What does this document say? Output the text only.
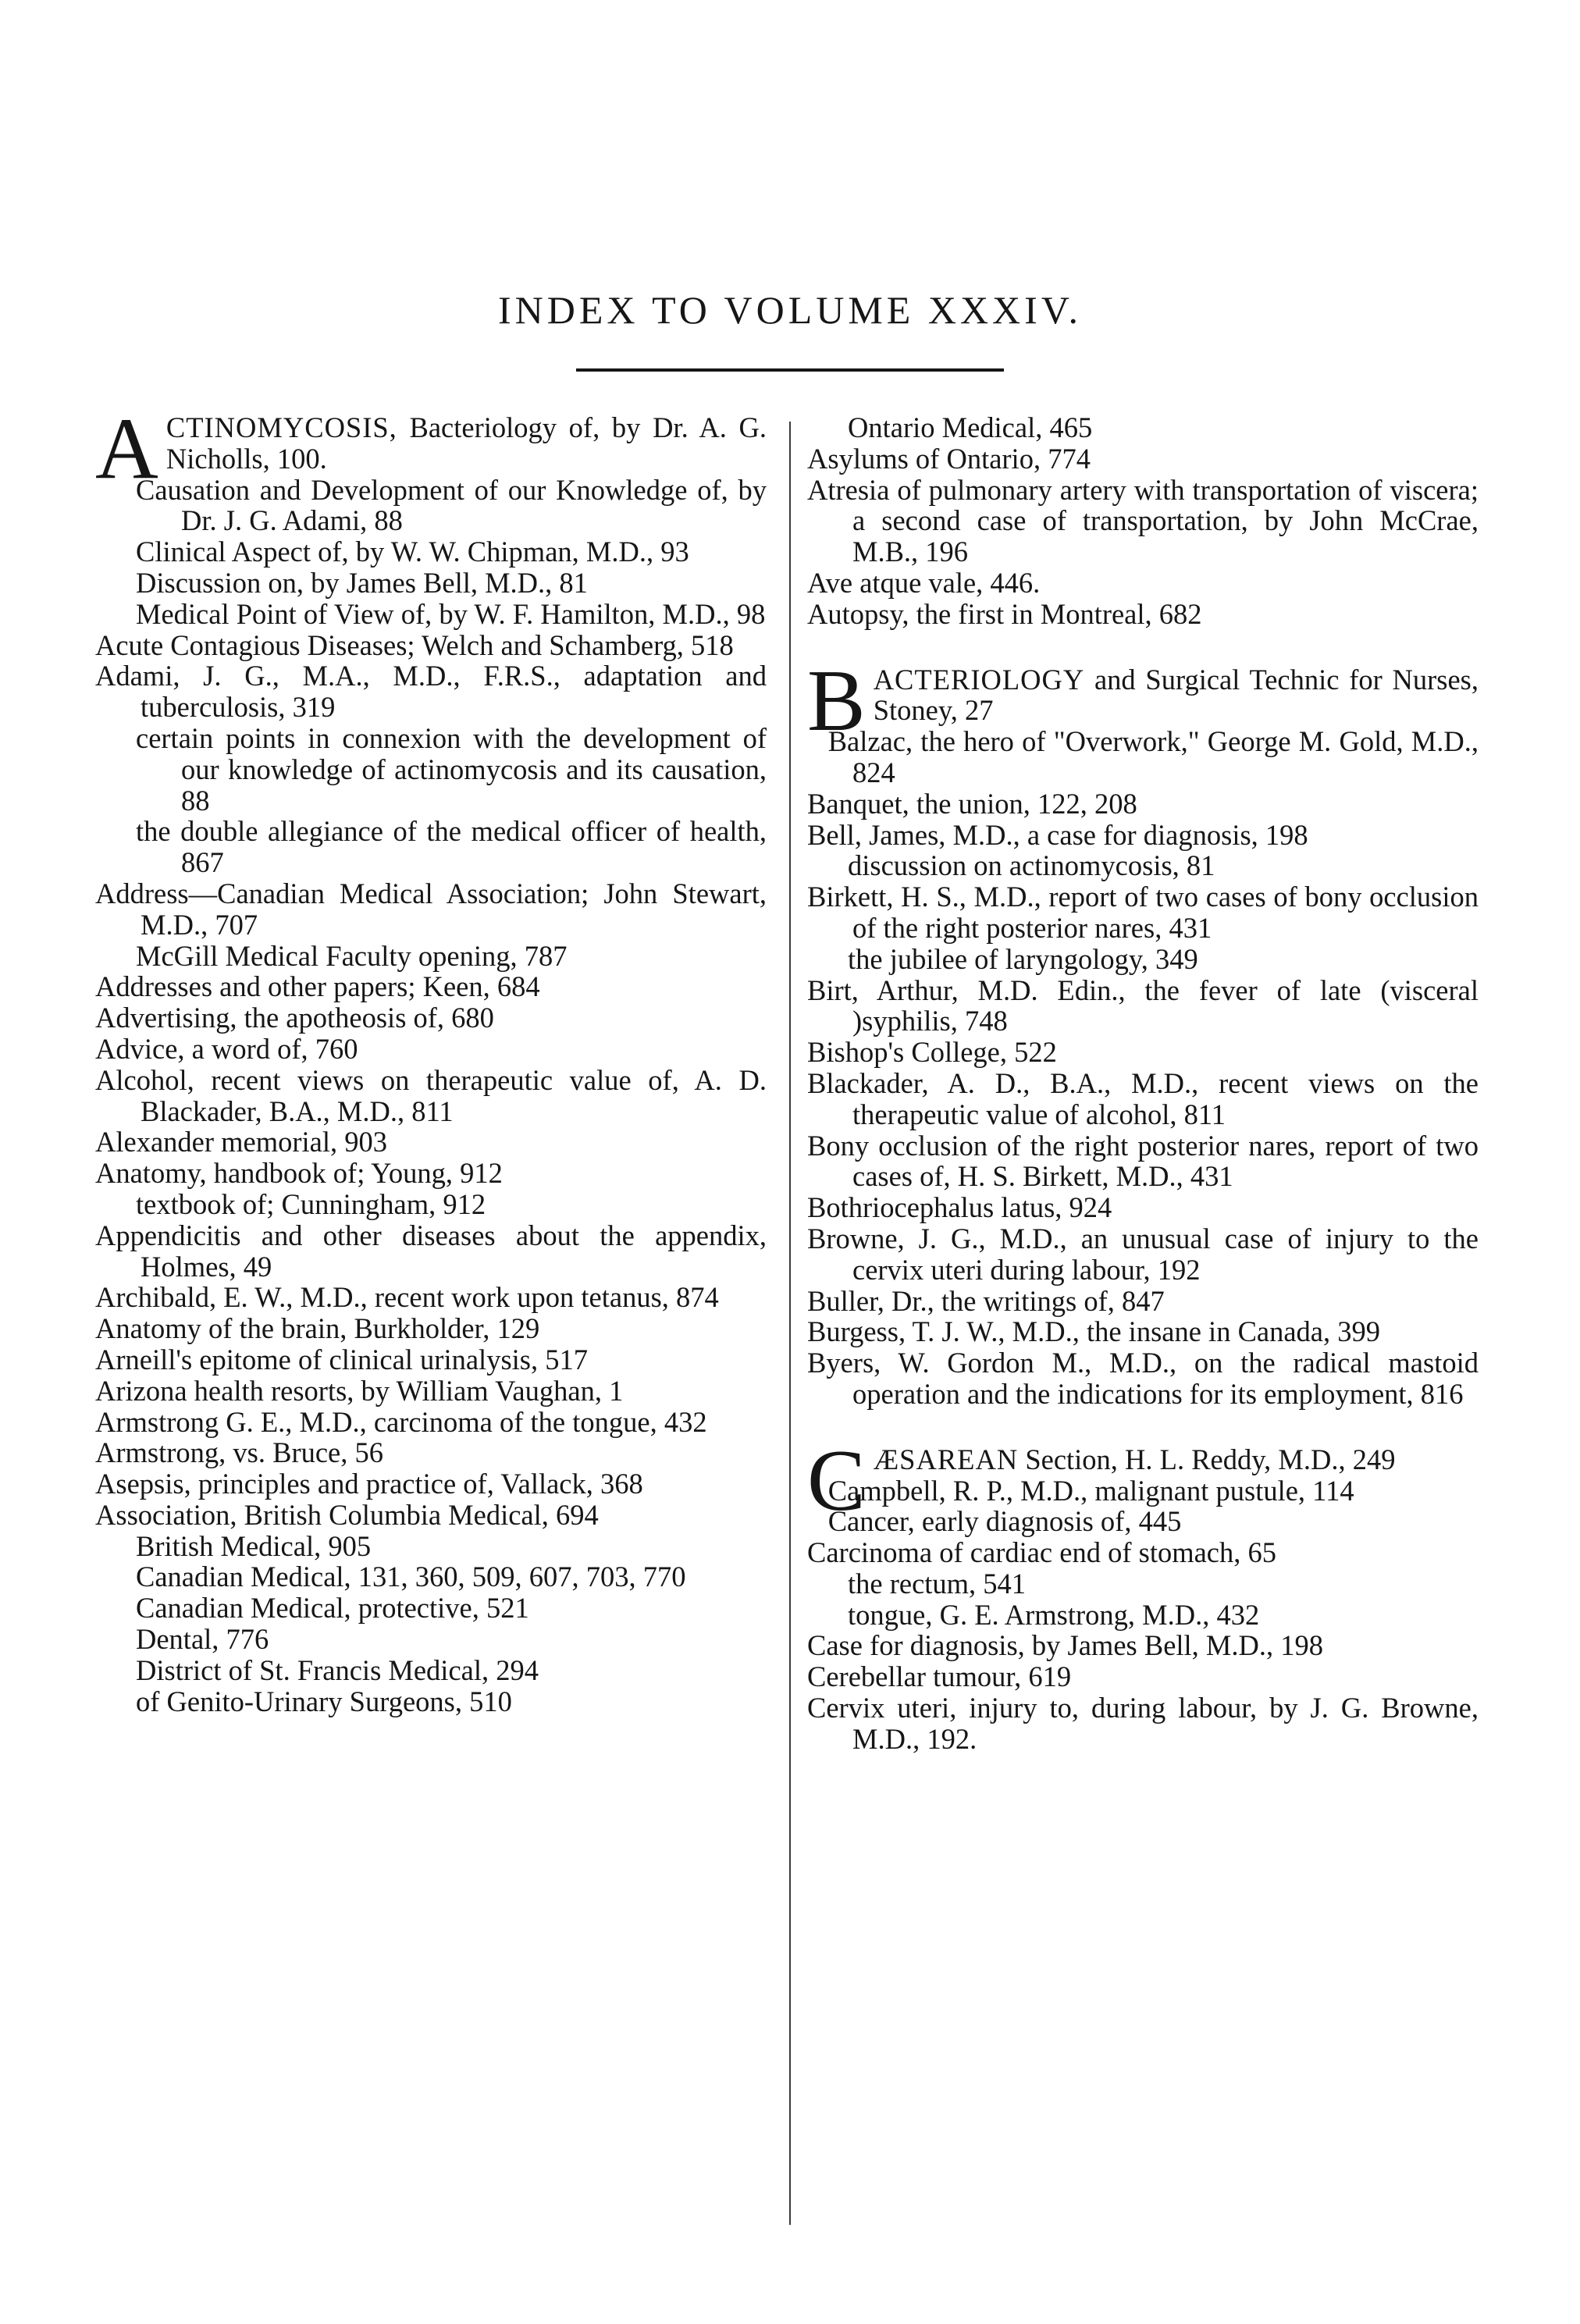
INDEX TO VOLUME XXXIV.
ACTINOMYCOSIS, Bacteriology of, by Dr. A. G. Nicholls, 100.
Causation and Development of our Knowledge of, by Dr. J. G. Adami, 88
Clinical Aspect of, by W. W. Chipman, M.D., 93
Discussion on, by James Bell, M.D., 81
Medical Point of View of, by W. F. Hamilton, M.D., 98
Acute Contagious Diseases; Welch and Schamberg, 518
Adami, J. G., M.A., M.D., F.R.S., adaptation and tuberculosis, 319
certain points in connexion with the development of our knowledge of actinomycosis and its causation, 88
the double allegiance of the medical officer of health, 867
Address—Canadian Medical Association; John Stewart, M.D., 707
McGill Medical Faculty opening, 787
Addresses and other papers; Keen, 684
Advertising, the apotheosis of, 680
Advice, a word of, 760
Alcohol, recent views on therapeutic value of, A. D. Blackader, B.A., M.D., 811
Alexander memorial, 903
Anatomy, handbook of; Young, 912
textbook of; Cunningham, 912
Appendicitis and other diseases about the appendix, Holmes, 49
Archibald, E. W., M.D., recent work upon tetanus, 874
Anatomy of the brain, Burkholder, 129
Arneill's epitome of clinical urinalysis, 517
Arizona health resorts, by William Vaughan, 1
Armstrong G. E., M.D., carcinoma of the tongue, 432
Armstrong, vs. Bruce, 56
Asepsis, principles and practice of, Vallack, 368
Association, British Columbia Medical, 694
British Medical, 905
Canadian Medical, 131, 360, 509, 607, 703, 770
Canadian Medical, protective, 521
Dental, 776
District of St. Francis Medical, 294
of Genito-Urinary Surgeons, 510
Ontario Medical, 465
Asylums of Ontario, 774
Atresia of pulmonary artery with transportation of viscera; a second case of transportation, by John McCrae, M.B., 196
Ave atque vale, 446.
Autopsy, the first in Montreal, 682
BACTERIOLOGY and Surgical Technic for Nurses, Stoney, 27
Balzac, the hero of "Overwork," George M. Gold, M.D., 824
Banquet, the union, 122, 208
Bell, James, M.D., a case for diagnosis, 198
discussion on actinomycosis, 81
Birkett, H. S., M.D., report of two cases of bony occlusion of the right posterior nares, 431
the jubilee of laryngology, 349
Birt, Arthur, M.D. Edin., the fever of late (visceral )syphilis, 748
Bishop's College, 522
Blackader, A. D., B.A., M.D., recent views on the therapeutic value of alcohol, 811
Bony occlusion of the right posterior nares, report of two cases of, H. S. Birkett, M.D., 431
Bothriocephalus latus, 924
Browne, J. G., M.D., an unusual case of injury to the cervix uteri during labour, 192
Buller, Dr., the writings of, 847
Burgess, T. J. W., M.D., the insane in Canada, 399
Byers, W. Gordon M., M.D., on the radical mastoid operation and the indications for its employment, 816
CÆSAREAN Section, H. L. Reddy, M.D., 249
Campbell, R. P., M.D., malignant pustule, 114
Cancer, early diagnosis of, 445
Carcinoma of cardiac end of stomach, 65
the rectum, 541
tongue, G. E. Armstrong, M.D., 432
Case for diagnosis, by James Bell, M.D., 198
Cerebellar tumour, 619
Cervix uteri, injury to, during labour, by J. G. Browne, M.D., 192.
